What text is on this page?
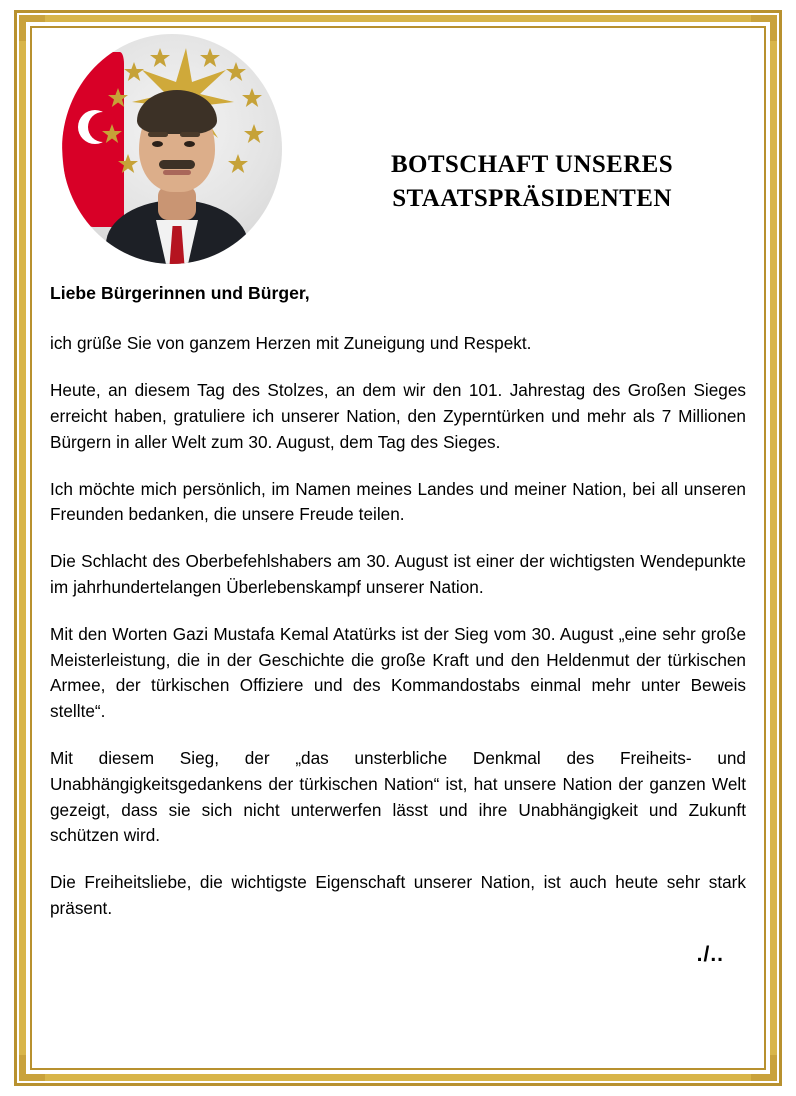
BOTSCHAFT UNSERES
STAATSPRÄSIDENTEN

Liebe Bürgerinnen und Bürger,

ich grüße Sie von ganzem Herzen mit Zuneigung und Respekt.

Heute, an diesem Tag des Stolzes, an dem wir den 101. Jahrestag des Großen Sieges erreicht haben, gratuliere ich unserer Nation, den Zyperntürken und mehr als 7 Millionen Bürgern in aller Welt zum 30. August, dem Tag des Sieges.

Ich möchte mich persönlich, im Namen meines Landes und meiner Nation, bei all unseren Freunden bedanken, die unsere Freude teilen.

Die Schlacht des Oberbefehlshabers am 30. August ist einer der wichtigsten Wendepunkte im jahrhundertelangen Überlebenskampf unserer Nation.

Mit den Worten Gazi Mustafa Kemal Atatürks ist der Sieg vom 30. August „eine sehr große Meisterleistung, die in der Geschichte die große Kraft und den Heldenmut der türkischen Armee, der türkischen Offiziere und des Kommandostabs einmal mehr unter Beweis stellte“.

Mit diesem Sieg, der „das unsterbliche Denkmal des Freiheits- und Unabhängigkeitsgedankens der türkischen Nation“ ist, hat unsere Nation der ganzen Welt gezeigt, dass sie sich nicht unterwerfen lässt und ihre Unabhängigkeit und Zukunft schützen wird.

Die Freiheitsliebe, die wichtigste Eigenschaft unserer Nation, ist auch heute sehr stark präsent.

./..
